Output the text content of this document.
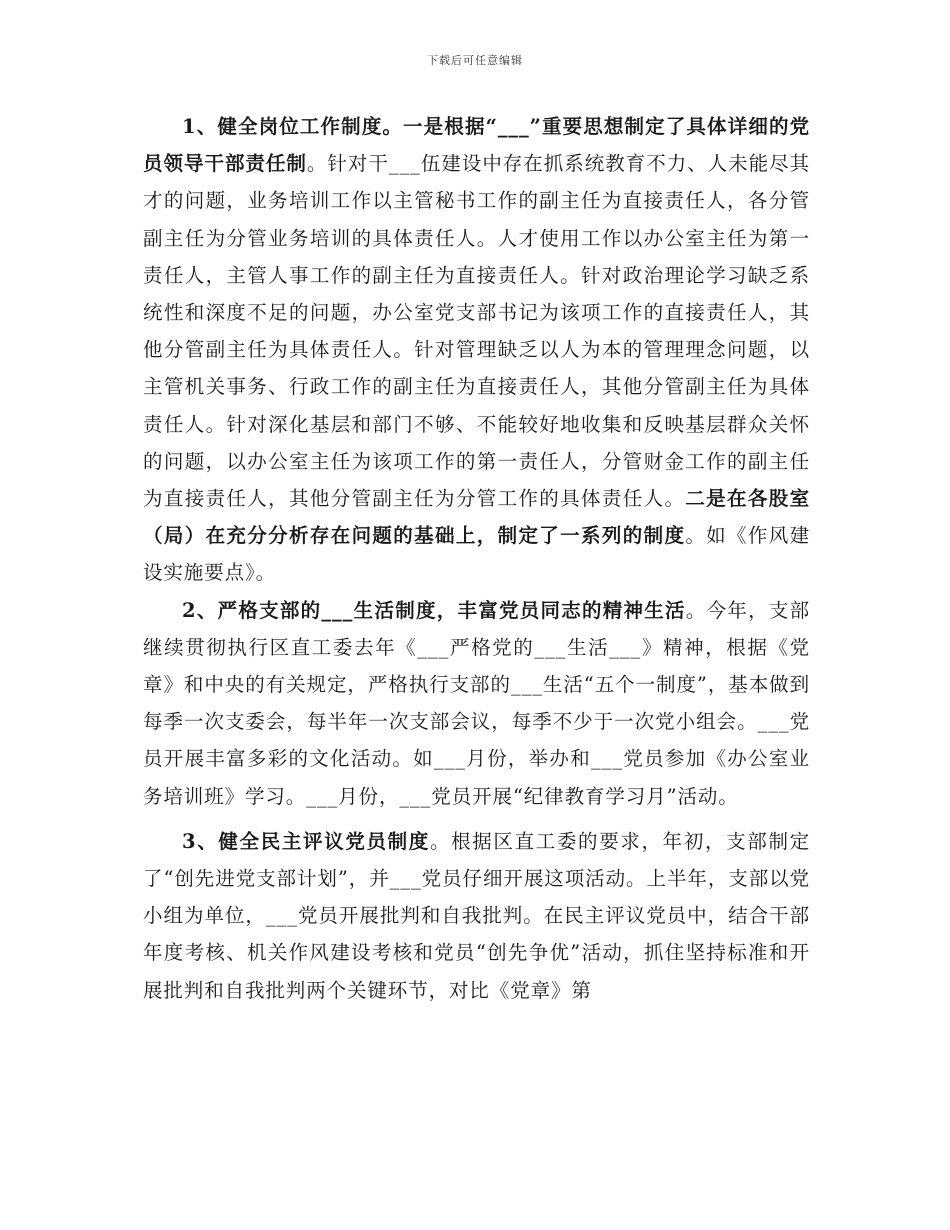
下载后可任意编辑

1、健全岗位工作制度。一是根据“___”重要思想制定了具体详细的党员领导干部责任制。针对干___伍建设中存在抓系统教育不力、人未能尽其才的问题，业务培训工作以主管秘书工作的副主任为直接责任人，各分管副主任为分管业务培训的具体责任人。人才使用工作以办公室主任为第一责任人，主管人事工作的副主任为直接责任人。针对政治理论学习缺乏系统性和深度不足的问题，办公室党支部书记为该项工作的直接责任人，其他分管副主任为具体责任人。针对管理缺乏以人为本的管理理念问题，以主管机关事务、行政工作的副主任为直接责任人，其他分管副主任为具体责任人。针对深化基层和部门不够、不能较好地收集和反映基层群众关怀的问题，以办公室主任为该项工作的第一责任人，分管财金工作的副主任为直接责任人，其他分管副主任为分管工作的具体责任人。二是在各股室（局）在充分分析存在问题的基础上，制定了一系列的制度。如《作风建设实施要点》。

2、严格支部的___生活制度，丰富党员同志的精神生活。今年，支部继续贯彻执行区直工委去年《___严格党的___生活___》精神，根据《党章》和中央的有关规定，严格执行支部的___生活“五个一制度”，基本做到每季一次支委会，每半年一次支部会议，每季不少于一次党小组会。___党员开展丰富多彩的文化活动。如___月份，举办和___党员参加《办公室业务培训班》学习。___月份，___党员开展“纪律教育学习月”活动。

3、健全民主评议党员制度。根据区直工委的要求，年初，支部制定了“创先进党支部计划”，并___党员仔细开展这项活动。上半年，支部以党小组为单位，___党员开展批判和自我批判。在民主评议党员中，结合干部年度考核、机关作风建设考核和党员“创先争优”活动，抓住坚持标准和开展批判和自我批判两个关键环节，对比《党章》第
